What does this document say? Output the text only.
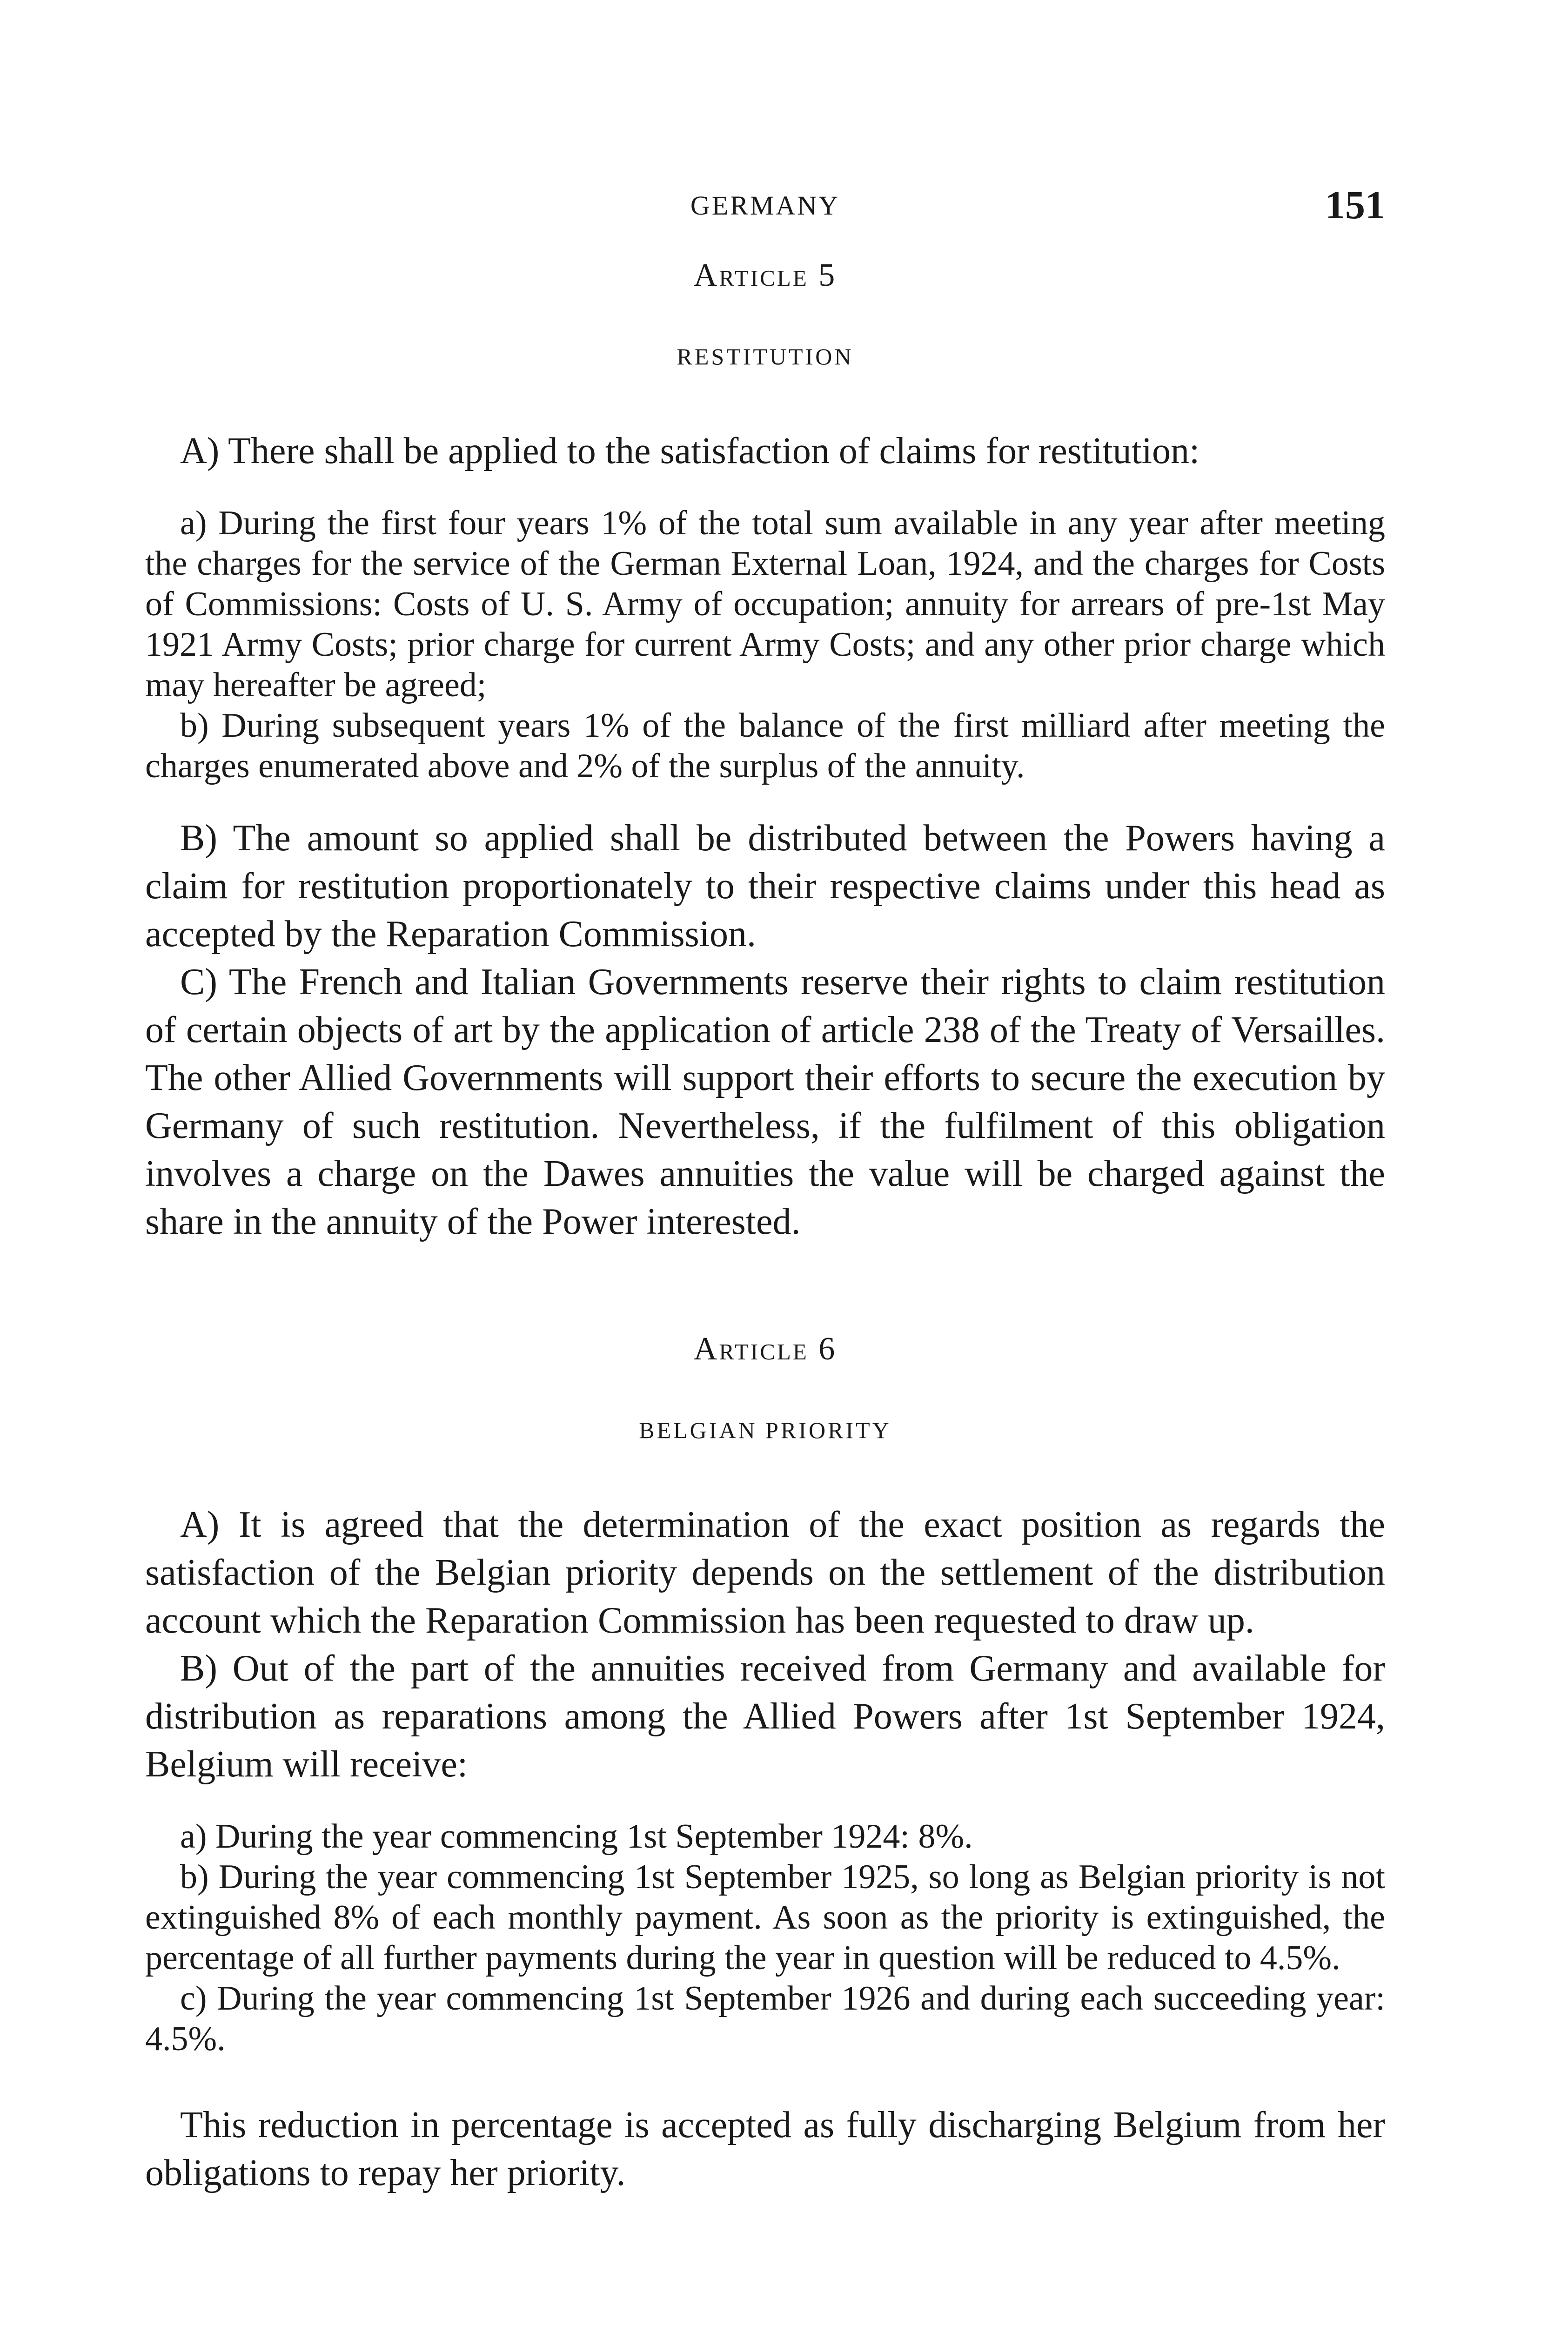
GERMANY	151
Article 5
RESTITUTION

A) There shall be applied to the satisfaction of claims for restitution:

a) During the first four years 1% of the total sum available in any year after meeting the charges for the service of the German External Loan, 1924, and the charges for Costs of Commissions: Costs of U. S. Army of occupation; annuity for arrears of pre-1st May 1921 Army Costs; prior charge for current Army Costs; and any other prior charge which may hereafter be agreed;

b) During subsequent years 1% of the balance of the first milliard after meeting the charges enumerated above and 2% of the surplus of the annuity.

B) The amount so applied shall be distributed between the Powers having a claim for restitution proportionately to their respective claims under this head as accepted by the Reparation Commission.

C) The French and Italian Governments reserve their rights to claim restitution of certain objects of art by the application of article 238 of the Treaty of Versailles. The other Allied Governments will support their efforts to secure the execution by Germany of such restitution. Nevertheless, if the fulfilment of this obligation involves a charge on the Dawes annuities the value will be charged against the share in the annuity of the Power interested.

Article 6
BELGIAN PRIORITY

A) It is agreed that the determination of the exact position as regards the satisfaction of the Belgian priority depends on the settlement of the distribution account which the Reparation Commission has been requested to draw up.

B) Out of the part of the annuities received from Germany and available for distribution as reparations among the Allied Powers after 1st September 1924, Belgium will receive:

a) During the year commencing 1st September 1924: 8%.

b) During the year commencing 1st September 1925, so long as Belgian priority is not extinguished 8% of each monthly payment. As soon as the priority is extinguished, the percentage of all further payments during the year in question will be reduced to 4.5%.

c) During the year commencing 1st September 1926 and during each succeeding year: 4.5%.

This reduction in percentage is accepted as fully discharging Belgium from her obligations to repay her priority.
